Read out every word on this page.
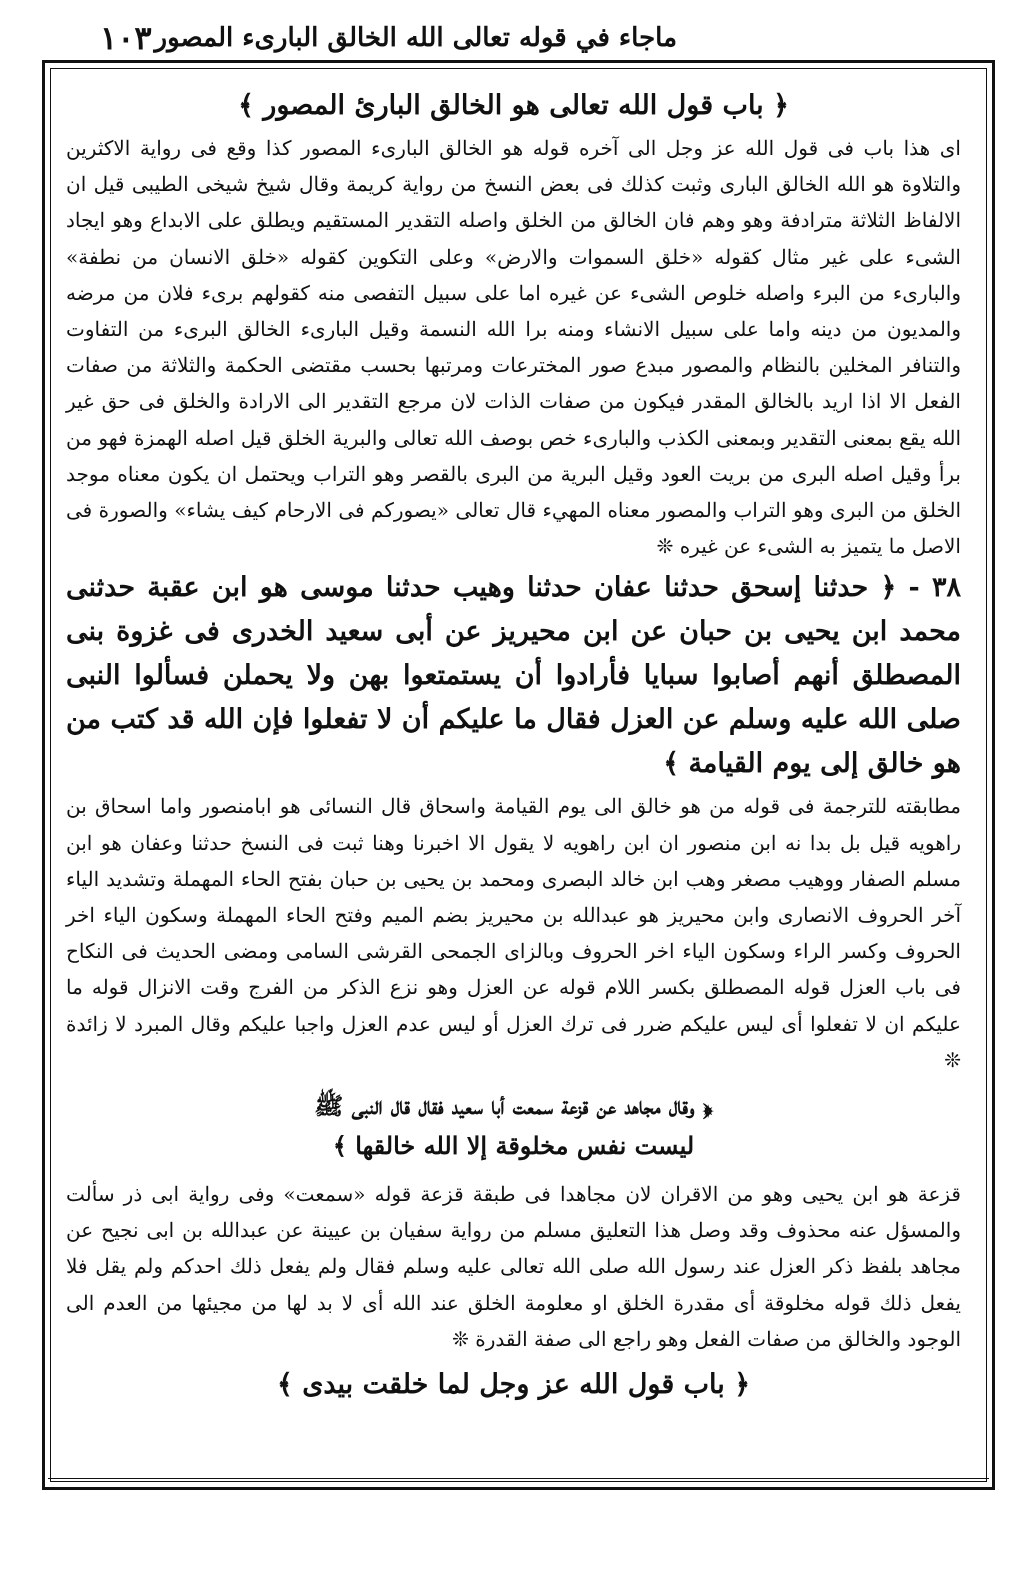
١٠٣ ماجاء في قوله تعالى الله الخالق البارىء المصور
﴿ باب قول الله تعالى هو الخالق البارئ المصور ﴾

اى هذا باب فى قول الله عز وجل الى آخره قوله هو الخالق البارىء المصور كذا وقع فى رواية الاكثرين والتلاوة هو الله الخالق البارى وثبت كذلك فى بعض النسخ من رواية كريمة وقال شيخ شيخى الطيبى قيل ان الالفاظ الثلاثة مترادفة وهو وهم فان الخالق من الخلق واصله التقدير المستقيم ويطلق على الابداع وهو ايجاد الشىء على غير مثال كقوله «خلق السموات والارض» وعلى التكوين كقوله «خلق الانسان من نطفة» والبارىء من البرء واصله خلوص الشىء عن غيره اما على سبيل التفصى منه كقولهم برىء فلان من مرضه والمديون من دينه واما على سبيل الانشاء ومنه برا الله النسمة وقيل البارىء الخالق البرىء من التفاوت والتنافر المخلين بالنظام والمصور مبدع صور المخترعات ومرتبها بحسب مقتضى الحكمة والثلاثة من صفات الفعل الا اذا اريد بالخالق المقدر فيكون من صفات الذات لان مرجع التقدير الى الارادة والخلق فى حق غير الله يقع بمعنى التقدير وبمعنى الكذب والبارىء خص بوصف الله تعالى والبرية الخلق قيل اصله الهمزة فهو من برأ وقيل اصله البرى من بريت العود وقيل البرية من البرى بالقصر وهو التراب ويحتمل ان يكون معناه موجد الخلق من البرى وهو التراب والمصور معناه المهيء قال تعالى «يصوركم فى الارحام كيف يشاء» والصورة فى الاصل ما يتميز به الشىء عن غيره ❊

٣٨ - ﴿ حدثنا إسحق حدثنا عفان حدثنا وهيب حدثنا موسى هو ابن عقبة حدثنى محمد ابن يحيى بن حبان عن ابن محيريز عن أبى سعيد الخدرى فى غزوة بنى المصطلق أنهم أصابوا سبايا فأرادوا أن يستمتعوا بهن ولا يحملن فسألوا النبى صلى الله عليه وسلم عن العزل فقال ما عليكم أن لا تفعلوا فإن الله قد كتب من هو خالق إلى يوم القيامة ﴾

مطابقته للترجمة فى قوله من هو خالق الى يوم القيامة واسحاق قال النسائى هو ابامنصور واما اسحاق بن راهويه قيل بل بدا نه ابن منصور ان ابن راهويه لا يقول الا اخبرنا وهنا ثبت فى النسخ حدثنا وعفان هو ابن مسلم الصفار ووهيب مصغر وهب ابن خالد البصرى ومحمد بن يحيى بن حبان بفتح الحاء المهملة وتشديد الياء آخر الحروف الانصارى وابن محيريز هو عبدالله بن محيريز بضم الميم وفتح الحاء المهملة وسكون الياء اخر الحروف وكسر الراء وسكون الياء اخر الحروف وبالزاى الجمحى القرشى السامى ومضى الحديث فى النكاح فى باب العزل قوله المصطلق بكسر اللام قوله عن العزل وهو نزع الذكر من الفرج وقت الانزال قوله ما عليكم ان لا تفعلوا أى ليس عليكم ضرر فى ترك العزل أو ليس عدم العزل واجبا عليكم وقال المبرد لا زائدة ❊

﴿ وقال مجاهد عن قزعة سمعت أبا سعيد فقال قال النبى ﷺ

ليست نفس مخلوقة إلا الله خالقها ﴾

قزعة هو ابن يحيى وهو من الاقران لان مجاهدا فى طبقة قزعة قوله «سمعت» وفى رواية ابى ذر سألت والمسؤل عنه محذوف وقد وصل هذا التعليق مسلم من رواية سفيان بن عيينة عن عبدالله بن ابى نجيح عن مجاهد بلفظ ذكر العزل عند رسول الله صلى الله تعالى عليه وسلم فقال ولم يفعل ذلك احدكم ولم يقل فلا يفعل ذلك قوله مخلوقة أى مقدرة الخلق او معلومة الخلق عند الله أى لا بد لها من مجيئها من العدم الى الوجود والخالق من صفات الفعل وهو راجع الى صفة القدرة ❊

﴿ باب قول الله عز وجل لما خلقت بيدى ﴾
